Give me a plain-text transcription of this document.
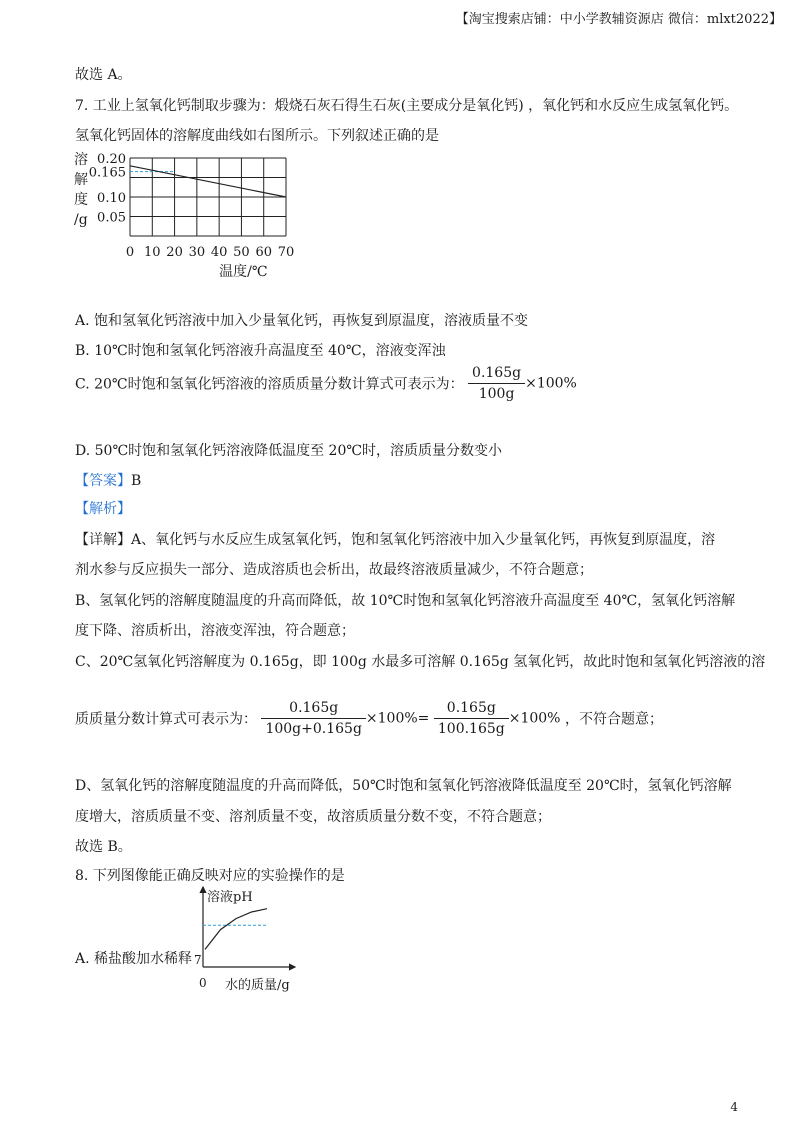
【淘宝搜索店铺：中小学教辅资源店 微信：mlxt2022】
故选 A。
7. 工业上氢氧化钙制取步骤为：煅烧石灰石得生石灰(主要成分是氧化钙) ，氧化钙和水反应生成氢氧化钙。
氢氧化钙固体的溶解度曲线如右图所示。下列叙述正确的是
0.20
0.165
0.10
0.05
0 10 20 30 40 50 60 70
溶
解
度
/g
温度/℃
A. 饱和氢氧化钙溶液中加入少量氧化钙，再恢复到原温度，溶液质量不变
B. 10℃时饱和氢氧化钙溶液升高温度至 40℃，溶液变浑浊
C. 20℃时饱和氢氧化钙溶液的溶质质量分数计算式可表示为： $\frac{0.165g}{100g} \times 100\%$
D. 50℃时饱和氢氧化钙溶液降低温度至 20℃时，溶质质量分数变小
【答案】B
【解析】
【详解】A、氧化钙与水反应生成氢氧化钙，饱和氢氧化钙溶液中加入少量氧化钙，再恢复到原温度，溶
剂水参与反应损失一部分、造成溶质也会析出，故最终溶液质量减少，不符合题意；
B、氢氧化钙的溶解度随温度的升高而降低，故 10℃时饱和氢氧化钙溶液升高温度至 40℃，氢氧化钙溶解
度下降、溶质析出，溶液变浑浊，符合题意；
C、20℃氢氧化钙溶解度为 0.165g，即 100g 水最多可溶解 0.165g 氢氧化钙，故此时饱和氢氧化钙溶液的溶
质质量分数计算式可表示为： $\frac{0.165g}{100g+0.165g} \times 100\%= \frac{0.165g}{100.165g} \times 100\%$ ，不符合题意；
D、氢氧化钙的溶解度随温度的升高而降低，50℃时饱和氢氧化钙溶液降低温度至 20℃时，氢氧化钙溶解
度增大，溶质质量不变、溶剂质量不变，故溶质质量分数不变，不符合题意；
故选 B。
8. 下列图像能正确反映对应的实验操作的是
A. 稀盐酸加水稀释
溶液pH
7
0 水的质量/g
4
